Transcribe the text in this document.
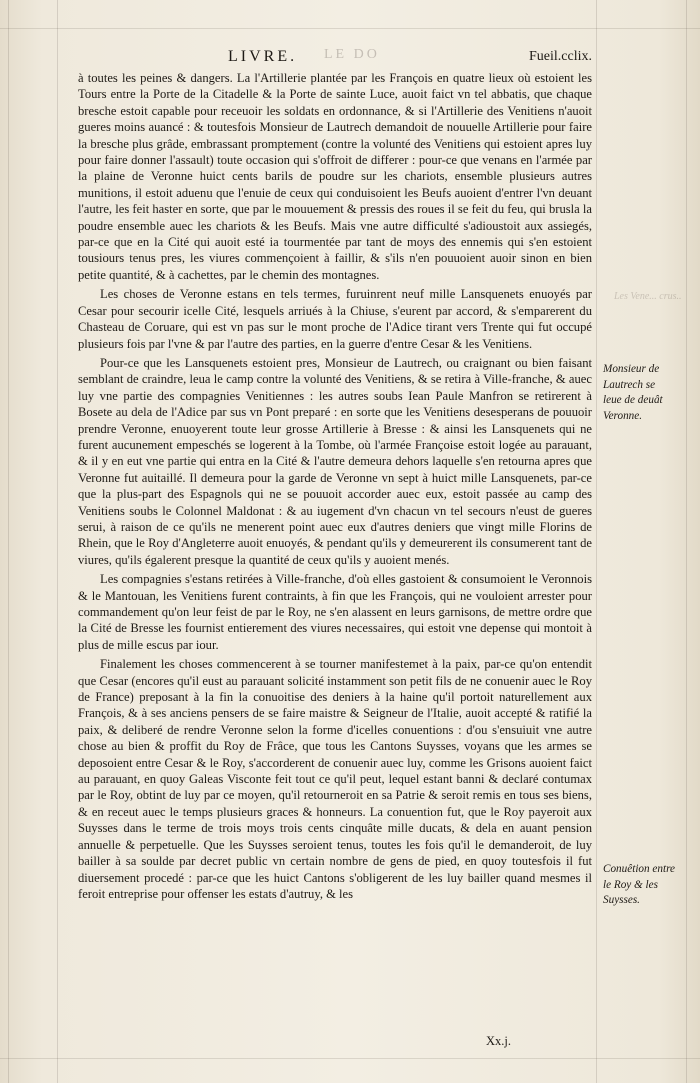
LIVRE. LE DO	Fueil.cclix.

à toutes les peines & dangers. La l'Artillerie plantée par les François en quatre lieux où estoient les Tours entre la Porte de la Citadelle & la Porte de sainte Luce, auoit faict vn tel abbatis, que chaque bresche estoit capable pour receuoir les soldats en ordonnance, & si l'Artillerie des Venitiens n'auoit gueres moins auancé : & toutesfois Monsieur de Lautrech demandoit de nouuelle Artillerie pour faire la bresche plus grâde, embrassant promptement (contre la volunté des Venitiens qui estoient apres luy pour faire donner l'assault) toute occasion qui s'offroit de differer : pour-ce que venans en l'armée par la plaine de Veronne huict cents barils de poudre sur les chariots, ensemble plusieurs autres munitions, il estoit aduenu que l'enuie de ceux qui conduisoient les Beufs auoient d'entrer l'vn deuant l'autre, les feit haster en sorte, que par le mouuement & pressis des roues il se feit du feu, qui brusla la poudre ensemble auec les chariots & les Beufs. Mais vne autre difficulté s'adioustoit aux assiegés, par-ce que en la Cité qui auoit esté ia tourmentée par tant de moys des ennemis qui s'en estoient tousiours tenus pres, les viures commençoient à faillir, & s'ils n'en pouuoient auoir sinon en bien petite quantité, & à cachettes, par le chemin des montagnes.

Les choses de Veronne estans en tels termes, furuinrent neuf mille Lansquenets enuoyés par Cesar pour secourir icelle Cité, lesquels arriués à la Chiuse, s'eurent par accord, & s'emparerent du Chasteau de Coruare, qui est vn pas sur le mont proche de l'Adice tirant vers Trente qui fut occupé plusieurs fois par l'vne & par l'autre des parties, en la guerre d'entre Cesar & les Venitiens.

Pour-ce que les Lansquenets estoient pres, Monsieur de Lautrech, ou craignant ou bien faisant semblant de craindre, leua le camp contre la volunté des Venitiens, & se retira à Ville-franche, & auec luy vne partie des compagnies Venitiennes : les autres soubs Iean Paule Manfron se retirerent à Bosete au dela de l'Adice par sus vn Pont preparé : en sorte que les Venitiens desesperans de pouuoir prendre Veronne, enuoyerent toute leur grosse Artillerie à Bresse : & ainsi les Lansquenets qui ne furent aucunement empeschés se logerent à la Tombe, où l'armée Françoise estoit logée au parauant, & il y en eut vne partie qui entra en la Cité & l'autre demeura dehors laquelle s'en retourna apres que Veronne fut auitaillé. Il demeura pour la garde de Veronne vn sept à huict mille Lansquenets, par-ce que la plus-part des Espagnols qui ne se pouuoit accorder auec eux, estoit passée au camp des Venitiens soubs le Colonnel Maldonat : & au iugement d'vn chacun vn tel secours n'eust de gueres serui, à raison de ce qu'ils ne menerent point auec eux d'autres deniers que vingt mille Florins de Rhein, que le Roy d'Angleterre auoit enuoyés, & pendant qu'ils y demeurerent ils consumerent tant de viures, qu'ils égalerent presque la quantité de ceux qu'ils y auoient menés.

Les compagnies s'estans retirées à Ville-franche, d'où elles gastoient & consumoient le Veronnois & le Mantouan, les Venitiens furent contraints, à fin que les François, qui ne vouloient arrester pour commandement qu'on leur feist de par le Roy, ne s'en alassent en leurs garnisons, de mettre ordre que la Cité de Bresse les fournist entierement des viures necessaires, qui estoit vne depense qui montoit à plus de mille escus par iour.

Finalement les choses commencerent à se tourner manifestemet à la paix, par-ce qu'on entendit que Cesar (encores qu'il eust au parauant solicité instamment son petit fils de ne conuenir auec le Roy de France) preposant à la fin la conuoitise des deniers à la haine qu'il portoit naturellement aux François, & à ses anciens pensers de se faire maistre & Seigneur de l'Italie, auoit accepté & ratifié la paix, & deliberé de rendre Veronne selon la forme d'icelles conuentions : d'ou s'ensuiuit vne autre chose au bien & proffit du Roy de Frâce, que tous les Cantons Suysses, voyans que les armes se deposoient entre Cesar & le Roy, s'accorderent de conuenir auec luy, comme les Grisons auoient faict au parauant, en quoy Galeas Visconte feit tout ce qu'il peut, lequel estant banni & declaré contumax par le Roy, obtint de luy par ce moyen, qu'il retourneroit en sa Patrie & seroit remis en tous ses biens, & en receut auec le temps plusieurs graces & honneurs. La conuention fut, que le Roy payeroit aux Suysses dans le terme de trois moys trois cents cinquâte mille ducats, & dela en auant pension annuelle & perpetuelle. Que les Suysses seroient tenus, toutes les fois qu'il le demanderoit, de luy bailler à sa soulde par decret public vn certain nombre de gens de pied, en quoy toutesfois il fut diuersement procedé : par-ce que les huict Cantons s'obligerent de les luy bailler quand mesmes il feroit entreprise pour offenser les estats d'autruy, & les

Les Vene... crus..
Monsieur de Lautrech se leue de deuât Veronne.
Conuêtion entre le Roy & les Suysses.
Xx.j.
